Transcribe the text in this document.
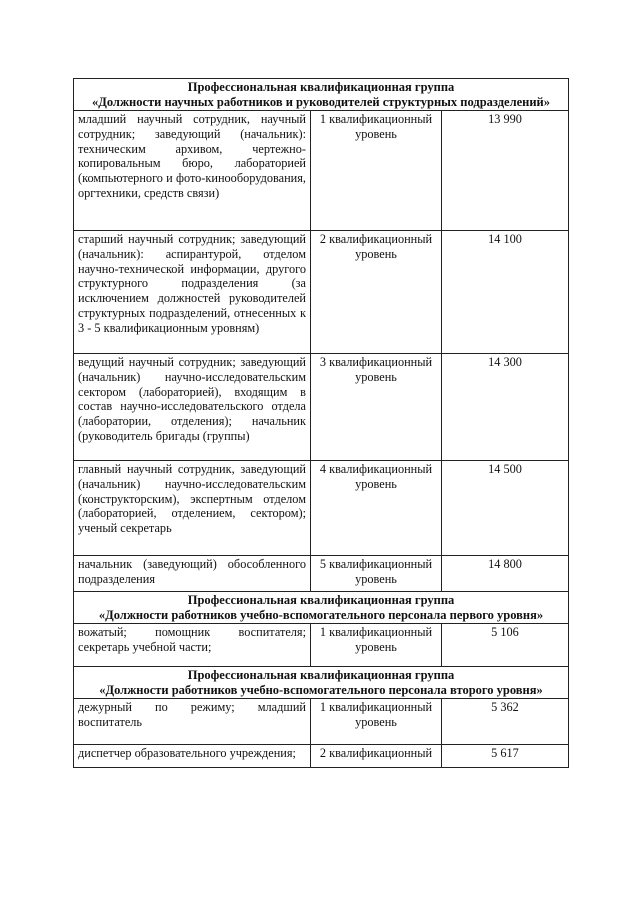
Профессиональная квалификационная группа
«Должности научных работников и руководителей структурных подразделений»		

младший научный сотрудник, научный сотрудник; заведующий (начальник): техническим архивом, чертежно-копировальным бюро, лабораторией (компьютерного и фото-кинооборудования, оргтехники, средств связи)	1 квалификационный уровень	13 990
старший научный сотрудник; заведующий (начальник): аспирантурой, отделом научно-технической информации, другого структурного подразделения (за исключением должностей руководителей структурных подразделений, отнесенных к 3 - 5 квалификационным уровням)	2 квалификационный уровень	14 100
ведущий научный сотрудник; заведующий (начальник) научно-исследовательским сектором (лабораторией), входящим в состав научно-исследовательского отдела (лаборатории, отделения); начальник (руководитель бригады (группы)	3 квалификационный уровень	14 300
главный научный сотрудник, заведующий (начальник) научно-исследовательским (конструкторским), экспертным отделом (лабораторией, отделением, сектором); ученый секретарь	4 квалификационный уровень	14 500
начальник (заведующий) обособленного подразделения	5 квалификационный уровень	14 800

Профессиональная квалификационная группа
«Должности работников учебно-вспомогательного персонала первого уровня»		

вожатый; помощник воспитателя; секретарь учебной части;	1 квалификационный уровень	5 106

Профессиональная квалификационная группа
«Должности работников учебно-вспомогательного персонала второго уровня»		

дежурный по режиму; младший воспитатель	1 квалификационный уровень	5 362
диспетчер образовательного учреждения;	2 квалификационный	5 617
